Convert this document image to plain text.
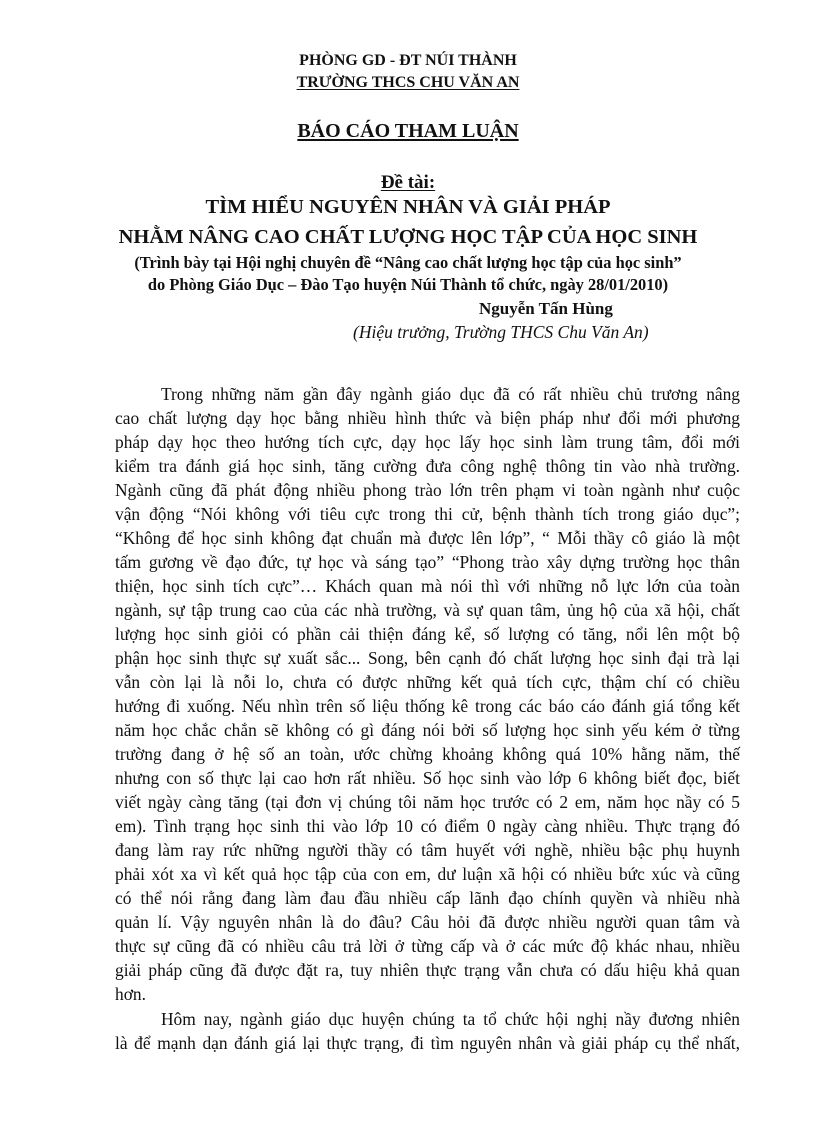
PHÒNG GD - ĐT NÚI THÀNH

TRƯỜNG THCS CHU VĂN AN

BÁO CÁO THAM LUẬN

Đề tài:

TÌM HIỂU NGUYÊN NHÂN VÀ GIẢI PHÁP

NHẰM NÂNG CAO CHẤT LƯỢNG HỌC TẬP CỦA HỌC SINH

(Trình bày tại Hội nghị chuyên đề “Nâng cao chất lượng học tập của học sinh”

do Phòng Giáo Dục – Đào Tạo huyện Núi Thành tổ chức, ngày 28/01/2010)

Nguyễn Tấn Hùng

(Hiệu trưởng, Trường THCS Chu Văn An)

Trong những năm gần đây ngành giáo dục đã có rất nhiều chủ trương nâng

cao chất lượng dạy học bằng nhiều hình thức và biện pháp như đổi mới phương

pháp dạy học theo hướng tích cực, dạy học lấy học sinh làm trung tâm, đổi mới

kiểm tra đánh giá học sinh, tăng cường đưa công nghệ thông tin vào nhà trường.

Ngành cũng đã phát động nhiều phong trào lớn trên phạm vi toàn ngành như cuộc

vận động “Nói không với tiêu cực trong thi cử, bệnh thành tích trong giáo dục”;

“Không để học sinh không đạt chuẩn mà được lên lớp”, “ Mỗi thầy cô giáo là một

tấm gương về đạo đức, tự học và sáng tạo” “Phong trào xây dựng trường học thân

thiện, học sinh tích cực”… Khách quan mà nói thì với những nỗ lực lớn của toàn

ngành, sự tập trung cao của các nhà trường, và sự quan tâm, ủng hộ của xã hội, chất

lượng học sinh giỏi có phần cải thiện đáng kể, số lượng có tăng, nổi lên một bộ

phận học sinh thực sự xuất sắc... Song, bên cạnh đó chất lượng học sinh đại trà lại

vẫn còn lại là nỗi lo, chưa có được những kết quả tích cực, thậm chí có chiều

hướng đi xuống. Nếu nhìn trên số liệu thống kê trong các báo cáo đánh giá tổng kết

năm học chắc chắn sẽ không có gì đáng nói bởi số lượng học sinh yếu kém ở từng

trường đang ở hệ số an toàn, ước chừng khoảng không quá 10% hằng năm, thế

nhưng con số thực lại cao hơn rất nhiều. Số học sinh vào lớp 6 không biết đọc, biết

viết ngày càng tăng (tại đơn vị chúng tôi năm học trước có 2 em, năm học nầy có 5

em). Tình trạng học sinh thi vào lớp 10 có điểm 0 ngày càng nhiều. Thực trạng đó

đang làm ray rức những người thầy có tâm huyết với nghề, nhiều bậc phụ huynh

phải xót xa vì kết quả học tập của con em, dư luận xã hội có nhiều bức xúc và cũng

có thể nói rằng đang làm đau đầu nhiều cấp lãnh đạo chính quyền và nhiều nhà

quản lí. Vậy nguyên nhân là do đâu? Câu hỏi đã được nhiều người quan tâm và

thực sự cũng đã có nhiều câu trả lời ở từng cấp và ở các mức độ khác nhau, nhiều

giải pháp cũng đã được đặt ra, tuy nhiên thực trạng vẫn chưa có dấu hiệu khả quan

hơn.

Hôm nay, ngành giáo dục huyện chúng ta tổ chức hội nghị nầy đương nhiên

là để mạnh dạn đánh giá lại thực trạng, đi tìm nguyên nhân và giải pháp cụ thể nhất,
